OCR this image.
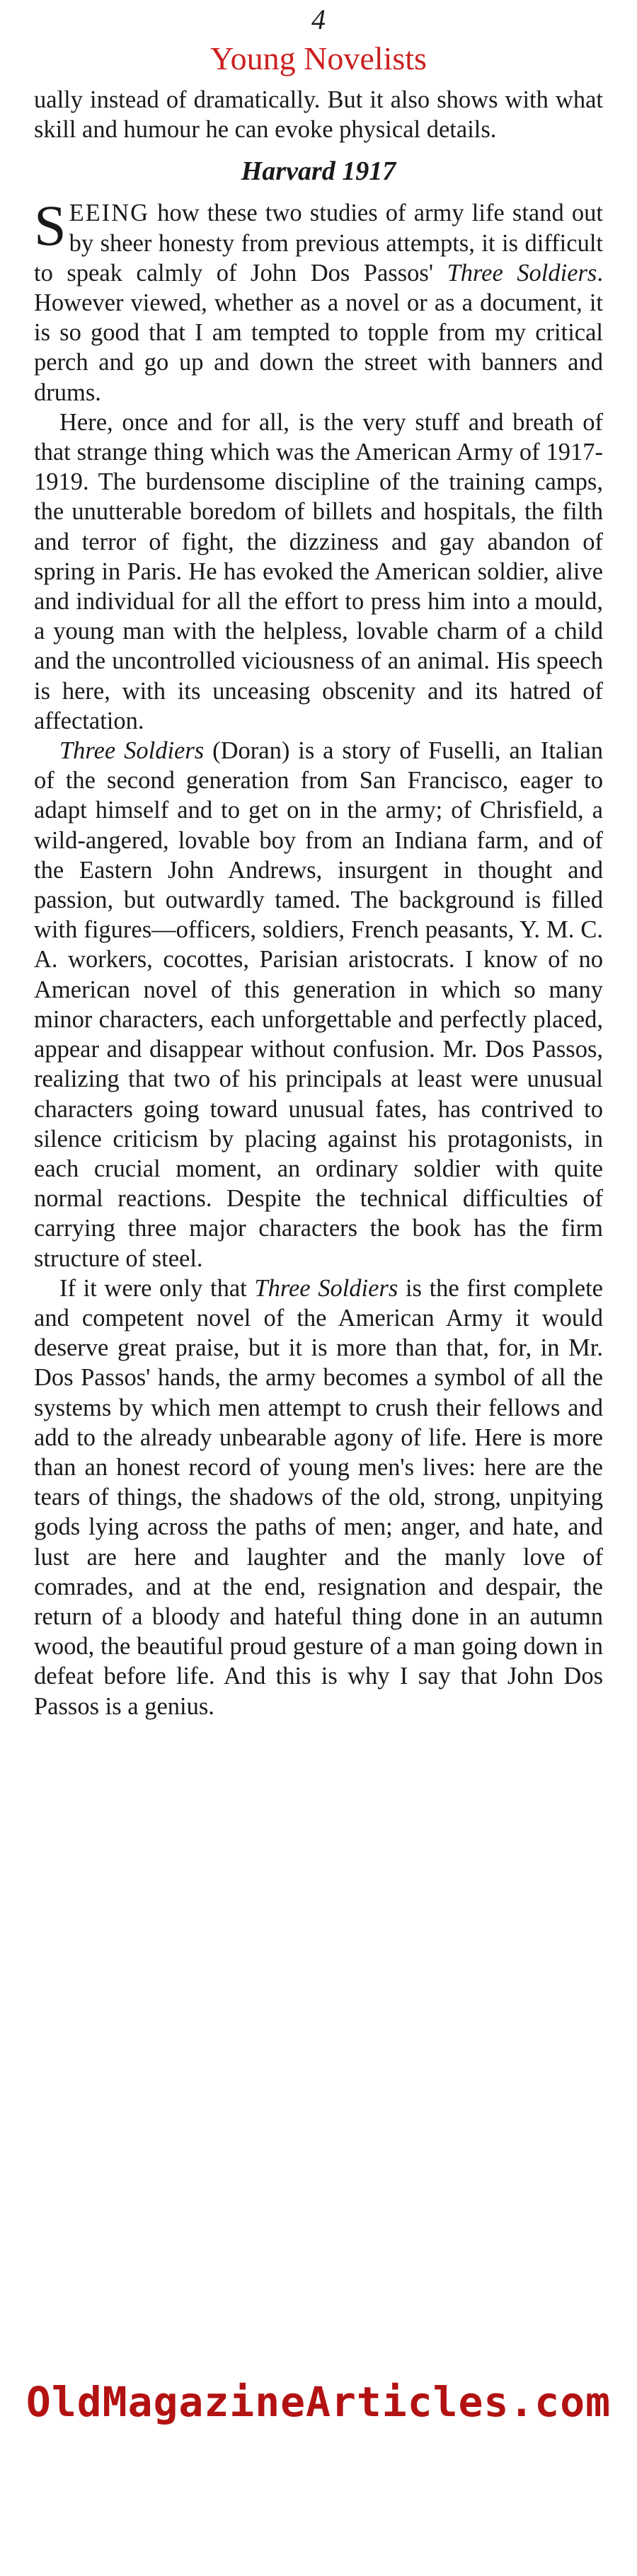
4
Young Novelists

ually instead of dramatically. But it also shows with what skill and humour he can evoke physical details.

Harvard 1917

SEEING how these two studies of army life stand out by sheer honesty from previous attempts, it is difficult to speak calmly of John Dos Passos' Three Soldiers. However viewed, whether as a novel or as a document, it is so good that I am tempted to topple from my critical perch and go up and down the street with banners and drums.

Here, once and for all, is the very stuff and breath of that strange thing which was the American Army of 1917-1919. The burdensome discipline of the training camps, the unutterable boredom of billets and hospitals, the filth and terror of fight, the dizziness and gay abandon of spring in Paris. He has evoked the American soldier, alive and individual for all the effort to press him into a mould, a young man with the helpless, lovable charm of a child and the uncontrolled viciousness of an animal. His speech is here, with its unceasing obscenity and its hatred of affectation.

Three Soldiers (Doran) is a story of Fuselli, an Italian of the second generation from San Francisco, eager to adapt himself and to get on in the army; of Chrisfield, a wild-angered, lovable boy from an Indiana farm, and of the Eastern John Andrews, insurgent in thought and passion, but outwardly tamed. The background is filled with figures—officers, soldiers, French peasants, Y. M. C. A. workers, cocottes, Parisian aristocrats. I know of no American novel of this generation in which so many minor characters, each unforgettable and perfectly placed, appear and disappear without confusion. Mr. Dos Passos, realizing that two of his principals at least were unusual characters going toward unusual fates, has contrived to silence criticism by placing against his protagonists, in each crucial moment, an ordinary soldier with quite normal reactions. Despite the technical difficulties of carrying three major characters the book has the firm structure of steel.

If it were only that Three Soldiers is the first complete and competent novel of the American Army it would deserve great praise, but it is more than that, for, in Mr. Dos Passos' hands, the army becomes a symbol of all the systems by which men attempt to crush their fellows and add to the already unbearable agony of life. Here is more than an honest record of young men's lives: here are the tears of things, the shadows of the old, strong, unpitying gods lying across the paths of men; anger, and hate, and lust are here and laughter and the manly love of comrades, and at the end, resignation and despair, the return of a bloody and hateful thing done in an autumn wood, the beautiful proud gesture of a man going down in defeat before life. And this is why I say that John Dos Passos is a genius.

OldMagazineArticles.com
